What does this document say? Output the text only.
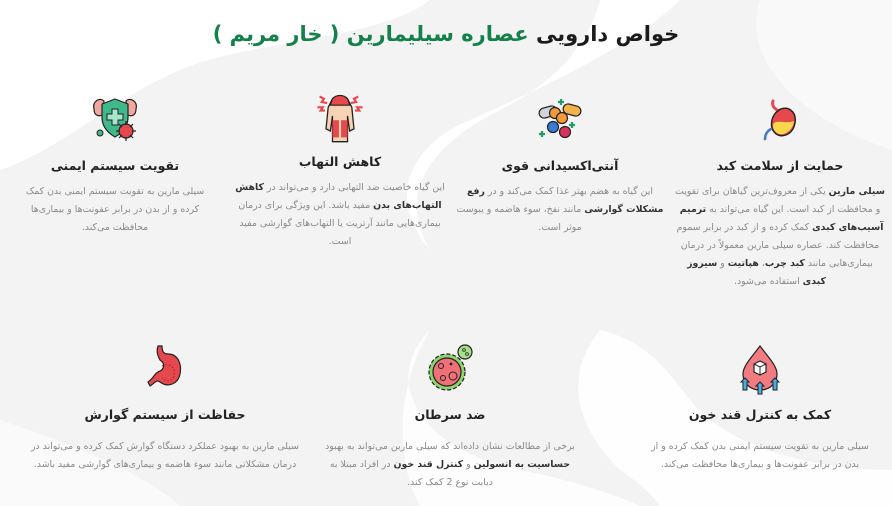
خواص دارویی عصاره سیلیمارین ( خار مریم )
حمایت از سلامت کبد

سیلی مارین یکی از معروف‌ترین گیاهان برای تقویت و محافظت از کبد است. این گیاه می‌تواند به ترمیم آسیب‌های کبدی کمک کرده و از کبد در برابر سموم محافظت کند. عصاره سیلی مارین معمولاً در درمان بیماری‌هایی مانند کبد چرب، هپاتیت و سیروز کبدی استفاده می‌شود.

آنتی‌اکسیدانی قوی

این گیاه به هضم بهتر غذا کمک می‌کند و در رفع مشکلات گوارشی مانند نفخ، سوء هاضمه و یبوست موثر است.

کاهش التهاب

این گیاه خاصیت ضد التهابی دارد و می‌تواند در کاهش التهاب‌های بدن مفید باشد. این ویژگی برای درمان بیماری‌هایی مانند آرتریت یا التهاب‌های گوارشی مفید است.

تقویت سیستم ایمنی

سیلی مارین به تقویت سیستم ایمنی بدن کمک کرده و از بدن در برابر عفونت‌ها و بیماری‌ها محافظت می‌کند.

کمک به کنترل قند خون

سیلی مارین به تقویت سیستم ایمنی بدن کمک کرده و از بدن در برابر عفونت‌ها و بیماری‌ها محافظت می‌کند.

ضد سرطان

برخی از مطالعات نشان داده‌اند که سیلی مارین می‌تواند به بهبود حساسیت به انسولین و کنترل قند خون در افراد مبتلا به دیابت نوع 2 کمک کند.

حفاظت از سیستم گوارش

سیلی مارین به بهبود عملکرد دستگاه گوارش کمک کرده و می‌تواند در درمان مشکلاتی مانند سوء هاضمه و بیماری‌های گوارشی مفید باشد.
